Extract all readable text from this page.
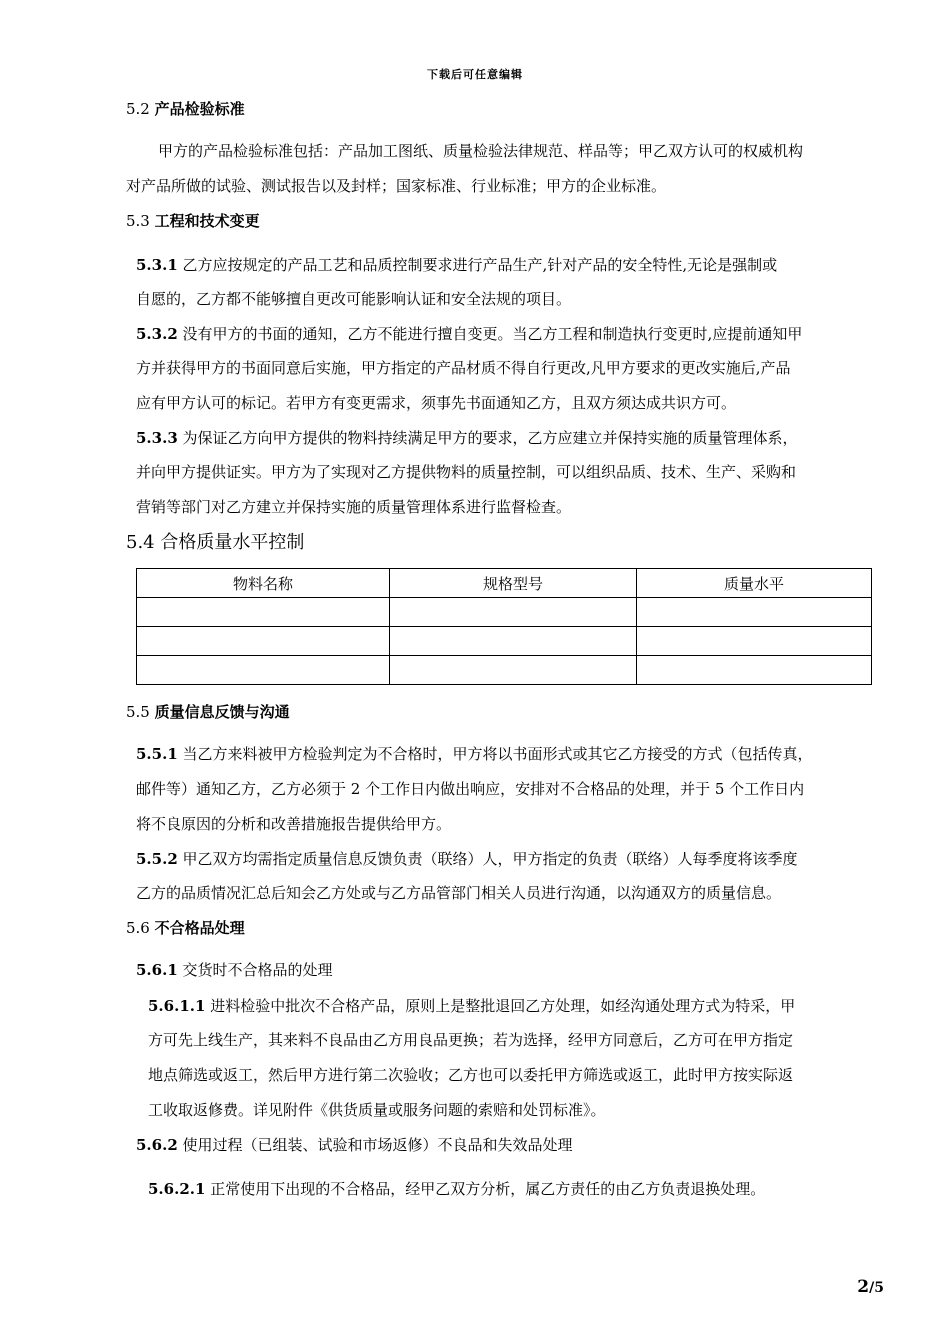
下载后可任意编辑
5.2 产品检验标准
甲方的产品检验标准包括：产品加工图纸、质量检验法律规范、样品等；甲乙双方认可的权威机构
对产品所做的试验、测试报告以及封样；国家标准、行业标准；甲方的企业标准。
5.3 工程和技术变更
5.3.1 乙方应按规定的产品工艺和品质控制要求进行产品生产,针对产品的安全特性,无论是强制或
自愿的，乙方都不能够擅自更改可能影响认证和安全法规的项目。
5.3.2 没有甲方的书面的通知，乙方不能进行擅自变更。当乙方工程和制造执行变更时,应提前通知甲
方并获得甲方的书面同意后实施，甲方指定的产品材质不得自行更改,凡甲方要求的更改实施后,产品
应有甲方认可的标记。若甲方有变更需求，须事先书面通知乙方，且双方须达成共识方可。
5.3.3 为保证乙方向甲方提供的物料持续满足甲方的要求，乙方应建立并保持实施的质量管理体系，
并向甲方提供证实。甲方为了实现对乙方提供物料的质量控制，可以组织品质、技术、生产、采购和
营销等部门对乙方建立并保持实施的质量管理体系进行监督检查。
5.4 合格质量水平控制
物料名称	规格型号	质量水平

5.5 质量信息反馈与沟通
5.5.1 当乙方来料被甲方检验判定为不合格时，甲方将以书面形式或其它乙方接受的方式（包括传真，
邮件等）通知乙方，乙方必须于 2 个工作日内做出响应，安排对不合格品的处理，并于 5 个工作日内
将不良原因的分析和改善措施报告提供给甲方。
5.5.2 甲乙双方均需指定质量信息反馈负责（联络）人，甲方指定的负责（联络）人每季度将该季度
乙方的品质情况汇总后知会乙方处或与乙方品管部门相关人员进行沟通，以沟通双方的质量信息。
5.6 不合格品处理
5.6.1 交货时不合格品的处理
5.6.1.1 进料检验中批次不合格产品，原则上是整批退回乙方处理，如经沟通处理方式为特采，甲
方可先上线生产，其来料不良品由乙方用良品更换；若为选择，经甲方同意后，乙方可在甲方指定
地点筛选或返工，然后甲方进行第二次验收；乙方也可以委托甲方筛选或返工，此时甲方按实际返
工收取返修费。详见附件《供货质量或服务问题的索赔和处罚标准》。
5.6.2 使用过程（已组装、试验和市场返修）不良品和失效品处理
5.6.2.1 正常使用下出现的不合格品，经甲乙双方分析，属乙方责任的由乙方负责退换处理。
2/5
